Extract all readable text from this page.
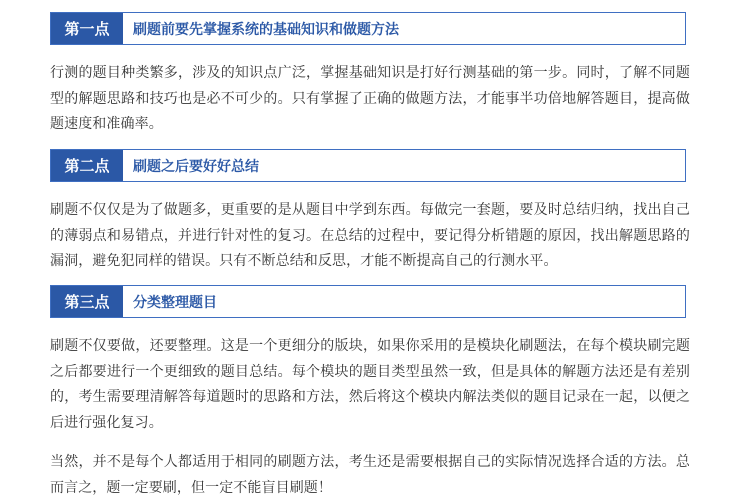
第一点	刷题前要先掌握系统的基础知识和做题方法

行测的题目种类繁多，涉及的知识点广泛，掌握基础知识是打好行测基础的第一步。同时，了解不同题型的解题思路和技巧也是必不可少的。只有掌握了正确的做题方法，才能事半功倍地解答题目，提高做题速度和准确率。

第二点	刷题之后要好好总结

刷题不仅仅是为了做题多，更重要的是从题目中学到东西。每做完一套题，要及时总结归纳，找出自己的薄弱点和易错点，并进行针对性的复习。在总结的过程中，要记得分析错题的原因，找出解题思路的漏洞，避免犯同样的错误。只有不断总结和反思，才能不断提高自己的行测水平。

第三点	分类整理题目

刷题不仅要做，还要整理。这是一个更细分的版块，如果你采用的是模块化刷题法，在每个模块刷完题之后都要进行一个更细致的题目总结。每个模块的题目类型虽然一致，但是具体的解题方法还是有差别的，考生需要理清解答每道题时的思路和方法，然后将这个模块内解法类似的题目记录在一起，以便之后进行强化复习。

当然，并不是每个人都适用于相同的刷题方法，考生还是需要根据自己的实际情况选择合适的方法。总而言之，题一定要刷，但一定不能盲目刷题！
